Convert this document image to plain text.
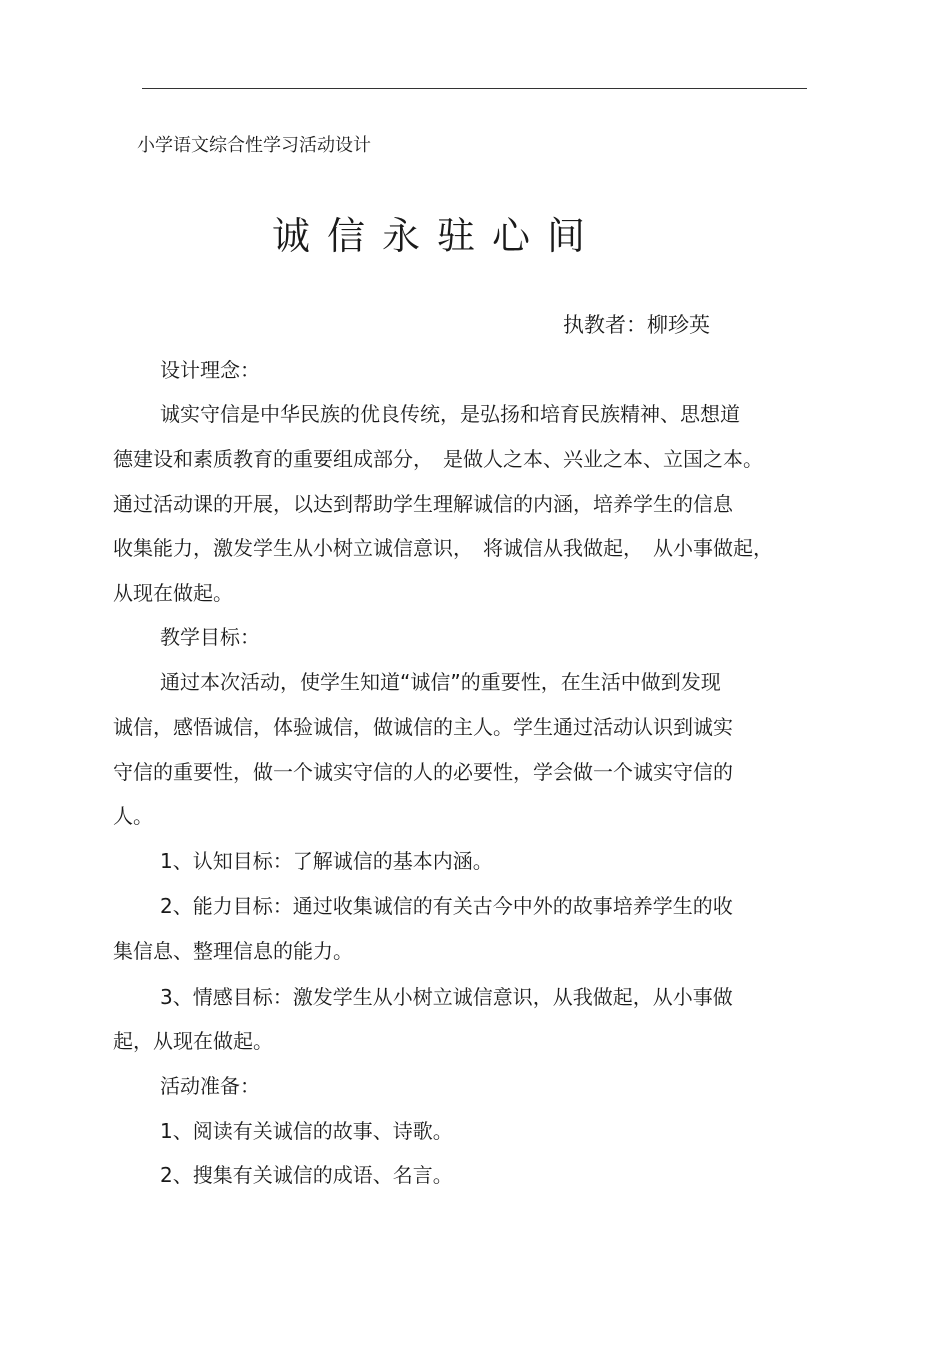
小学语文综合性学习活动设计
诚信永驻心间
执教者：柳珍英
设计理念：
诚实守信是中华民族的优良传统，是弘扬和培育民族精神、思想道
德建设和素质教育的重要组成部分，　是做人之本、兴业之本、立国之本。
通过活动课的开展，以达到帮助学生理解诚信的内涵，培养学生的信息
收集能力，激发学生从小树立诚信意识，　将诚信从我做起，　从小事做起，
从现在做起。
教学目标：
通过本次活动，使学生知道“诚信”的重要性，在生活中做到发现
诚信，感悟诚信，体验诚信，做诚信的主人。学生通过活动认识到诚实
守信的重要性，做一个诚实守信的人的必要性，学会做一个诚实守信的
人。
1、认知目标：了解诚信的基本内涵。
2、能力目标：通过收集诚信的有关古今中外的故事培养学生的收
集信息、整理信息的能力。
3、情感目标：激发学生从小树立诚信意识，从我做起，从小事做
起，从现在做起。
活动准备：
1、阅读有关诚信的故事、诗歌。
2、搜集有关诚信的成语、名言。
